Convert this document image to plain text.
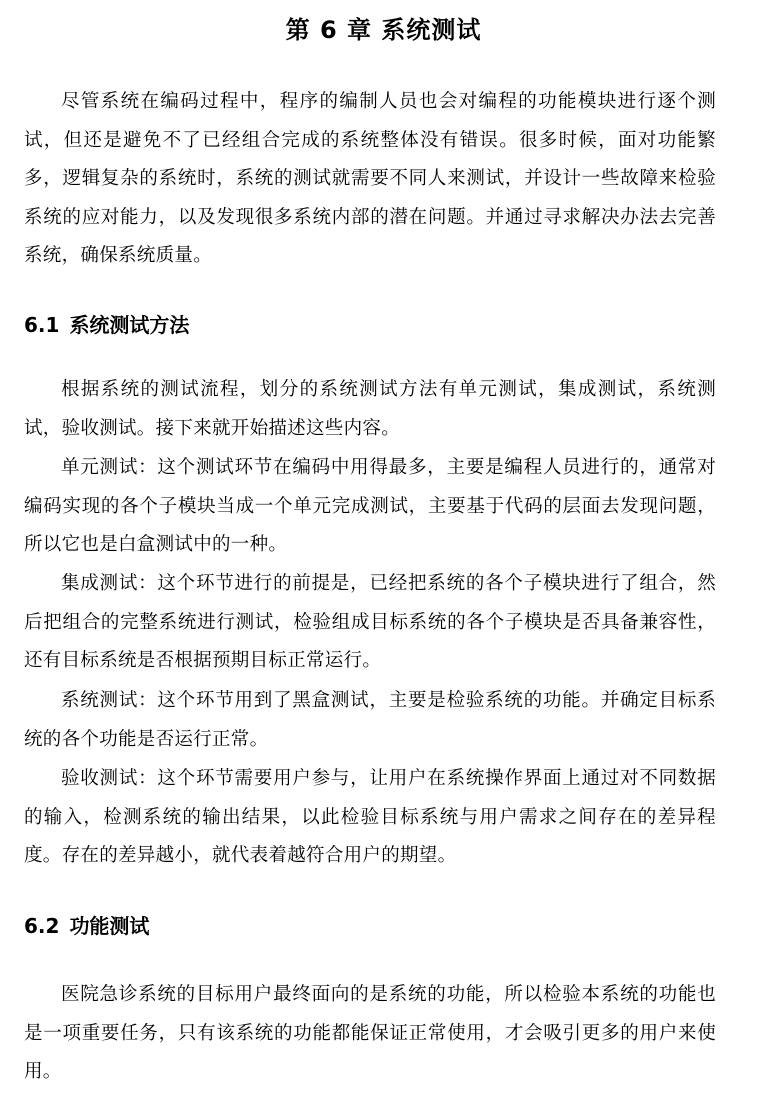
第 6 章 系统测试

尽管系统在编码过程中，程序的编制人员也会对编程的功能模块进行逐个测试，但还是避免不了已经组合完成的系统整体没有错误。很多时候，面对功能繁多，逻辑复杂的系统时，系统的测试就需要不同人来测试，并设计一些故障来检验系统的应对能力，以及发现很多系统内部的潜在问题。并通过寻求解决办法去完善系统，确保系统质量。

6.1 系统测试方法

根据系统的测试流程，划分的系统测试方法有单元测试，集成测试，系统测试，验收测试。接下来就开始描述这些内容。

单元测试：这个测试环节在编码中用得最多，主要是编程人员进行的，通常对编码实现的各个子模块当成一个单元完成测试，主要基于代码的层面去发现问题，所以它也是白盒测试中的一种。

集成测试：这个环节进行的前提是，已经把系统的各个子模块进行了组合，然后把组合的完整系统进行测试，检验组成目标系统的各个子模块是否具备兼容性，还有目标系统是否根据预期目标正常运行。

系统测试：这个环节用到了黑盒测试，主要是检验系统的功能。并确定目标系统的各个功能是否运行正常。

验收测试：这个环节需要用户参与，让用户在系统操作界面上通过对不同数据的输入，检测系统的输出结果，以此检验目标系统与用户需求之间存在的差异程度。存在的差异越小，就代表着越符合用户的期望。

6.2 功能测试

医院急诊系统的目标用户最终面向的是系统的功能，所以检验本系统的功能也是一项重要任务，只有该系统的功能都能保证正常使用，才会吸引更多的用户来使用。
